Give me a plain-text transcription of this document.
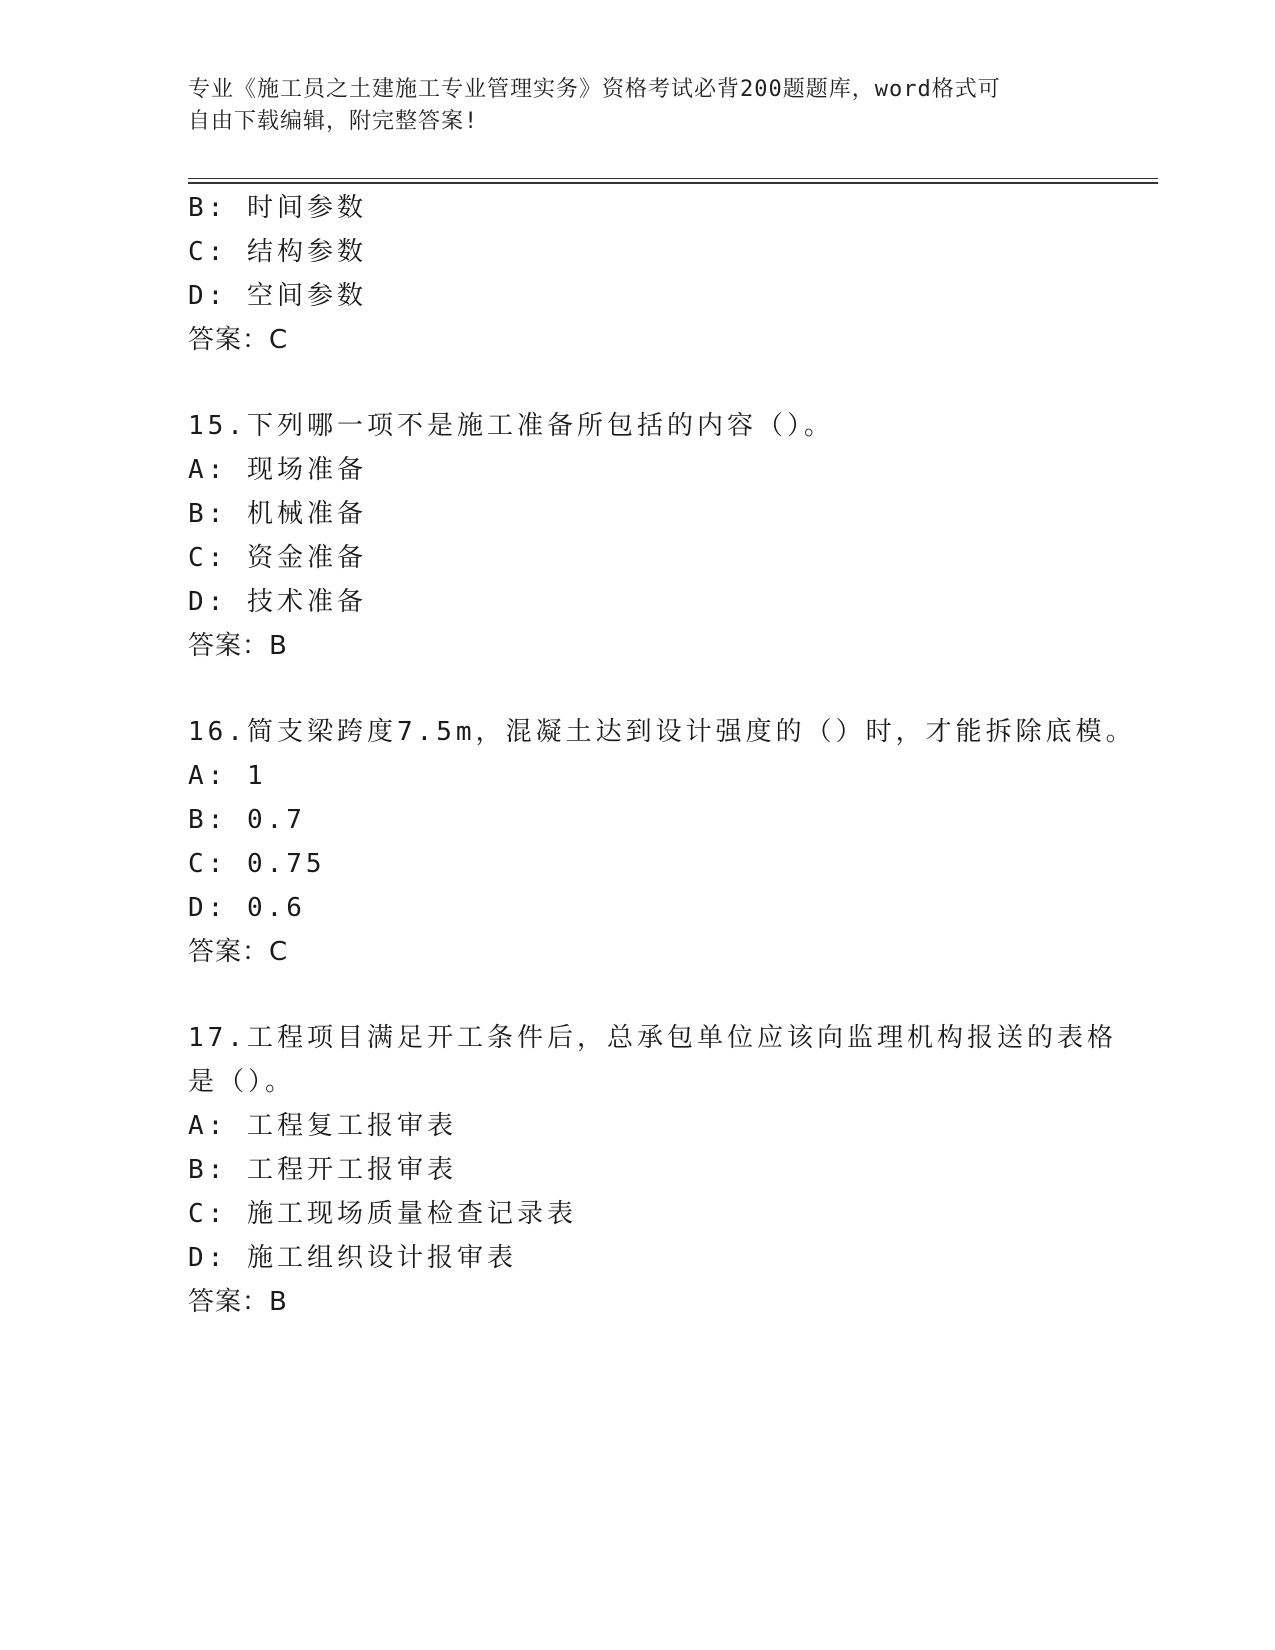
专业《施工员之土建施工专业管理实务》资格考试必背200题题库，word格式可
自由下载编辑，附完整答案!
B: 时间参数
C: 结构参数
D: 空间参数
答案：C
15.下列哪一项不是施工准备所包括的内容（）。
A: 现场准备
B: 机械准备
C: 资金准备
D: 技术准备
答案：B
16.简支梁跨度7.5m，混凝土达到设计强度的（）时，才能拆除底模。
A: 1
B: 0.7
C: 0.75
D: 0.6
答案：C
17.工程项目满足开工条件后，总承包单位应该向监理机构报送的表格
是（）。
A: 工程复工报审表
B: 工程开工报审表
C: 施工现场质量检查记录表
D: 施工组织设计报审表
答案：B
